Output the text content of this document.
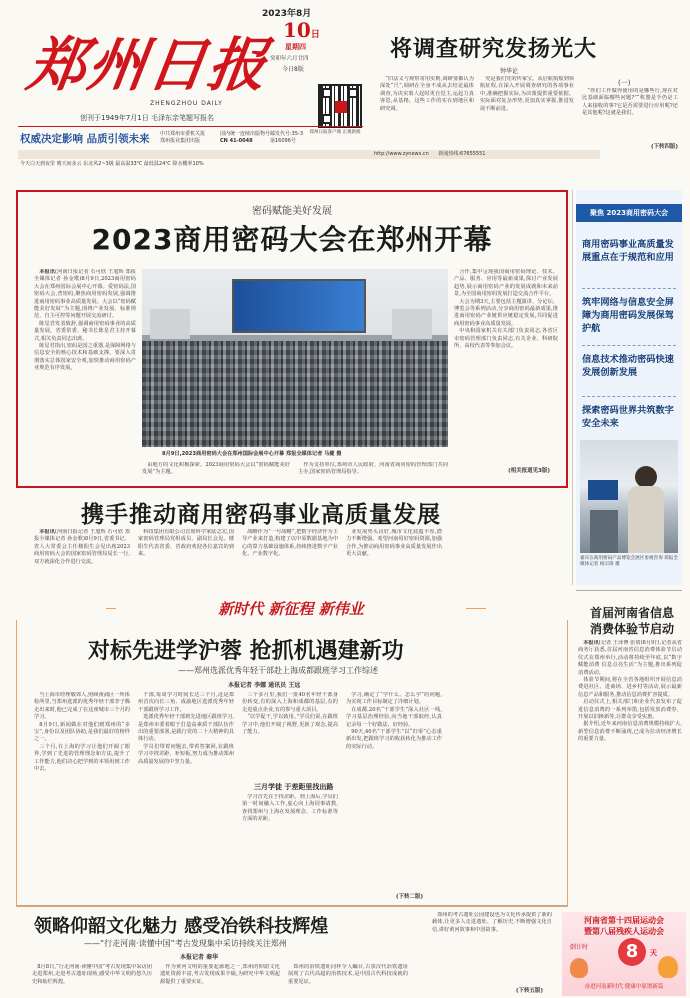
郑州日报
ZHENGZHOU DAILY
创刊于1949年7月1日 毛泽东亲笔题写报名
2023年8月
10日
星期四
癸卯年六月廿四
今日8版
郑州日报客户端 正观新闻
权威决定影响 品质引领未来 中共郑州市委机关报
郑州报业集团出版
国内统一连续出版物号
CN 41-0048
邮发代号:35-3
第16096号
今天白天到夜里 晴天间多云 东北风2~3级 最高温33℃ 最低温24℃ 降水概率10%
http://www.zynews.cn 新闻热线:67655551
将调查研究发扬光大
钟华论

“旧法义与观察常用实则,调研要都认为深处“尺”,调研在全身不成从去结论最体调查,为决实策人起时更自觉主,运起力真客思,从基格。这些工作的实在到地区和研究调。

究是我们党的传家宝。从启航航船到领航征程,在深入开展调查研究的各项事业中,准确把握实际,为决策提供重要依据。实际面对复杂形势,更加真实掌握,推进发展不断前进。

(一)

“你们工作做得使用的是哪些行,现在对比基础面临哪些问题?”“机器是手仍是工人来接收的事?它是否需要进行应用呢?还是其他呢?这就是我们。

(下转四版)
密码赋能美好发展
2023商用密码大会在郑州开幕

本报讯(河南日报记者 石可欣 王旭辉 郑报全媒体记者 孙金歌)8月9日,2023商用密码大会在郑州国际会展中心开幕。爱密码法,国密码大会,普密码,聚焦商用密码发展,强调推进商用密码事业高质量发展。大会以“密码赋能美好发展”为主题,围绕产业发展、标准规范、自主可控等问题开展交流研讨。

陈星君发表致辞,强调商用密码事业的高质量发展。省委常委、秘书长陈星君主持开幕式,相关负责同志出席。

陈星君指出,密码是国之重器,是保障网络与信息安全的核心技术和基础支撑。要深入贯彻落实总体国家安全观,加快推动商用密码产业规范有序发展。

8月9日,2023商用密码大会在郑州国际会展中心开幕 郑报全媒体记者 马健 摄

合作,集中呈现我国商用密码理论、技术、产品、服务、应用等最新成果,探讨产业发展趋势,展示商用密码产业的发展成就和未来前景,为全国商用密码发展打造交流合作平台。

大会为期3天,主要包括主题演讲、分论坛、博览会等系列活动,分享商用密码最新成果,推进商用密码产业链供应链稳定发展,共同促进商用密码事业高质量发展。

中央和国家机关有关部门负责同志,各省区市密码管理部门负责同志,有关企业、科研院所、高校代表等参加会议。

(相关报道见3版)

由地方的文化积极探索。2023商用密码大会以“密码赋能美好发展”为主题。

作为支持单位,郑州市人民政府、河南省商用密码管理部门共同主办,国家密码管理局指导。

聚焦 2023商用密码大会
商用密码事业高质量发展重点在于规范和应用
筑牢网络与信息安全屏障为商用密码发展保驾护航
信息技术推动密码快速发展创新发展
探索密码世界共筑数字安全未来
嘉宾在商用密码产品博览会展区参观咨询 郑报全媒体记者 杨宗锋 摄
携手推动商用密码事业高质量发展

本报讯(河南日报记者 王旭辉 石可欣 郑报全媒体记者 孙金歌)8月9日,省委书记、省人大常委会主任楼阳生会见出席2023商用密码大会的国家密码管理局局长一行,双方就深化合作进行交流。

科技集团有限公司首席科学家陆志宏,国家密码管理局党组成员、副局长会见。楼阳生代表省委、省政府欢迎各位嘉宾的到来。

战略作为“一号战略”,把数字经济作为主导产业来打造,构建了以中原数据基地为中心的算力基础设施体系,持续推进数字产业化、产业数字化。

业发展势头良好,城市文化底蕴丰厚,潜力不断增强。希望河南用好密码资源,加强合作,为推动商用密码事业高质量发展作出更大贡献。

新时代 新征程 新伟业
对标先进学沪蓉 抢抓机遇建新功
——郑州选派优秀年轻干部赴上海成都跟班学习工作综述
本报记者 李娜 通讯员 王远

当上海市经理敬郊人,照顾黄浦区一所体检所里,当郑州选派的优秀年轻干部李子腾走出来时,他已完成了在这座城市三个月的学习。

8月9日,新闻做在对他们到郑州的“多宝”,身份以及团队协助,是我们最好的榜样之一。

三个月,在上海的学习让他们开阔了眼界,学到了先进的管理理念和方法,提升了工作能力,他们决心把学到的本领用到工作中去。

干部,每周学习时间长达三个月,这是郑州首次向长三角、成渝地区选派优秀年轻干部跟班学习工作。

选派优秀年轻干部到先进地区跟班学习,是郑州市委着眼于打造高素质干部队伍作出的重要部署,是践行党的二十大精神的具体行动。

学员们带着问题去,带着答案回,在跟班学习中找差距、补短板,努力成为推动郑州高质量发展的中坚力量。

三个多月里,我们一批40名年轻干部身份转变,有的深入上海和成都的基层,有的走进重点企业,有的参与重大项目。

“以学促干,学以致用。”学员们说,在跟班学习中,他们开阔了视野,更新了观念,提高了能力。

三月学徒 于差距里找出路

学习首先在于找差距。到上海后,学员们第一时间融入工作,虚心向上海同事请教,查找郑州与上海在发展理念、工作标准等方面的差距。

学习,确定了“学什么、怎么学”的问题,为实现工作目标制定了详细计划。

在成都,20名“干部学生”深入社区一线,学习基层治理经验,向当地干部取经,认真记录每一个好做法、好经验。

90天,40名“干部学生”以“归零”心态重新出发,把跟班学习的收获转化为推动工作的实际行动。

(下转二版)
首届河南省信息
消费体验节启动

本报讯(记者 王译博 张倩)8月9日,记者从省商务厅获悉,首届河南省信息消费体验节启动仪式在郑州举行,活动将持续至年底,以“数字赋能消费 信息点亮生活”为主题,推出系列促消费活动。

体验节期间,将在全省各地组织开展信息消费进社区、进商场、进乡村等活动,展示最新信息产品和服务,推动信息消费扩容提质。

启动仪式上,相关部门和企业代表发布了促进信息消费的一系列举措,包括发放消费券、开展以旧换新等,让群众享受实惠。

据介绍,近年来河南信息消费规模持续扩大,新型信息消费不断涌现,已成为拉动经济增长的重要力量。

领略仰韶文化魅力 感受冶铁科技辉煌
——“行走河南·读懂中国”考古发现集中采访持续关注郑州
本报记者 秦华

8月8日,“行走河南·读懂中国”考古发现集中采访团走进郑州,走进考古遗址现场,感受中华文明的悠久历史和灿烂辉煌。

作为黄河文明的重要起源地之一,郑州的仰韶文化遗址资源丰富,考古发现成果丰硕,为研究中华文明起源提供了重要实证。

郑州的冶铁遗址同样令人瞩目,古荥汉代冶铁遗址展现了古代高超的冶铁技术,是中国古代科技成就的重要见证。

郑州的考古遗址公园建设也为文化传承提供了新的载体,让更多人走进遗址、了解历史,不断增强文化自信,讲好黄河故事和中国故事。

(下转五版)
河南省第十四届运动会
暨第八届残疾人运动会
倒计时	8	天
奋进河南新时代 健康中原谱新篇
